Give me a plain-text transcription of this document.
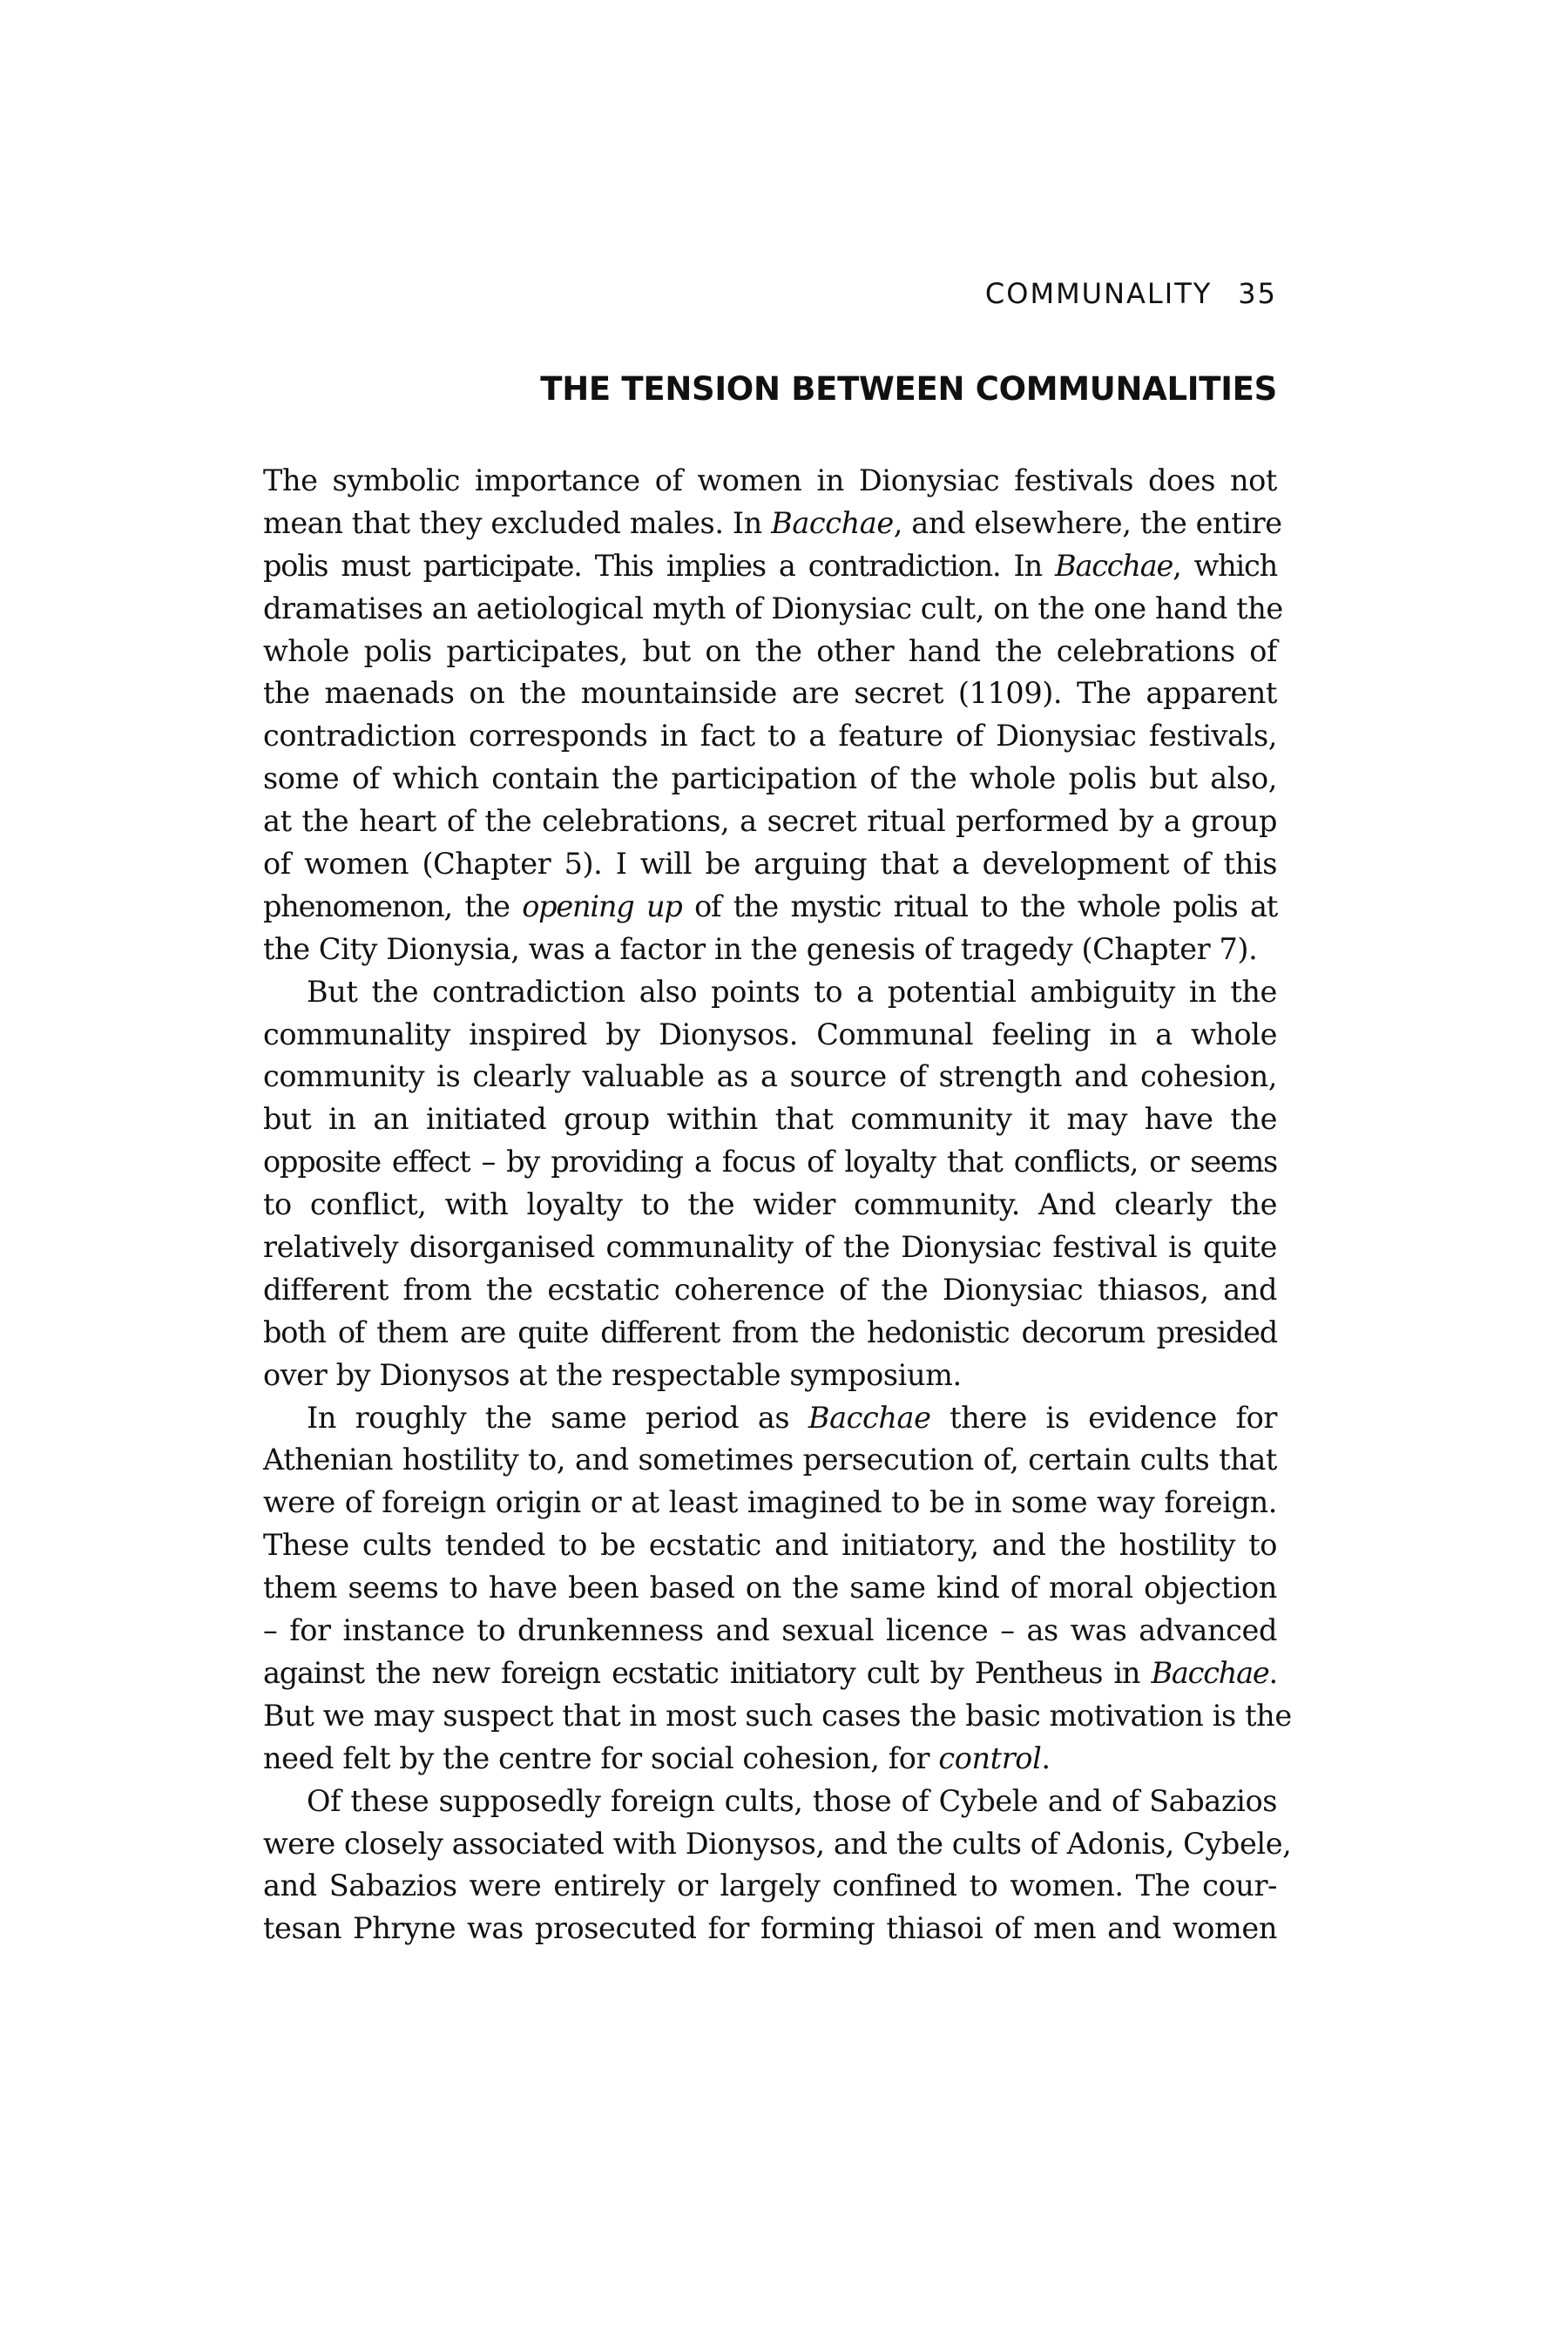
COMMUNALITY 35
THE TENSION BETWEEN COMMUNALITIES
The symbolic importance of women in Dionysiac festivals does not
mean that they excluded males. In Bacchae, and elsewhere, the entire
polis must participate. This implies a contradiction. In Bacchae, which
dramatises an aetiological myth of Dionysiac cult, on the one hand the
whole polis participates, but on the other hand the celebrations of
the maenads on the mountainside are secret (1109). The apparent
contradiction corresponds in fact to a feature of Dionysiac festivals,
some of which contain the participation of the whole polis but also,
at the heart of the celebrations, a secret ritual performed by a group
of women (Chapter 5). I will be arguing that a development of this
phenomenon, the opening up of the mystic ritual to the whole polis at
the City Dionysia, was a factor in the genesis of tragedy (Chapter 7).
But the contradiction also points to a potential ambiguity in the
communality inspired by Dionysos. Communal feeling in a whole
community is clearly valuable as a source of strength and cohesion,
but in an initiated group within that community it may have the
opposite effect – by providing a focus of loyalty that conflicts, or seems
to conflict, with loyalty to the wider community. And clearly the
relatively disorganised communality of the Dionysiac festival is quite
different from the ecstatic coherence of the Dionysiac thiasos, and
both of them are quite different from the hedonistic decorum presided
over by Dionysos at the respectable symposium.
In roughly the same period as Bacchae there is evidence for
Athenian hostility to, and sometimes persecution of, certain cults that
were of foreign origin or at least imagined to be in some way foreign.
These cults tended to be ecstatic and initiatory, and the hostility to
them seems to have been based on the same kind of moral objection
– for instance to drunkenness and sexual licence – as was advanced
against the new foreign ecstatic initiatory cult by Pentheus in Bacchae.
But we may suspect that in most such cases the basic motivation is the
need felt by the centre for social cohesion, for control.
Of these supposedly foreign cults, those of Cybele and of Sabazios
were closely associated with Dionysos, and the cults of Adonis, Cybele,
and Sabazios were entirely or largely confined to women. The cour-
tesan Phryne was prosecuted for forming thiasoi of men and women
